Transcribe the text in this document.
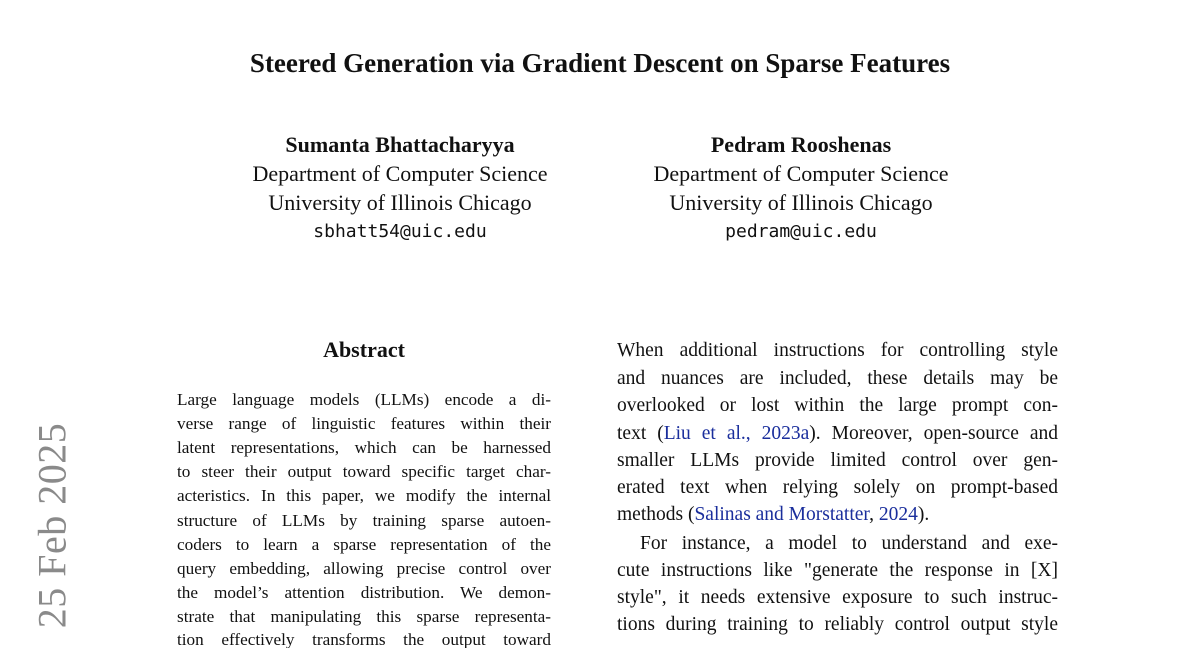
25 Feb 2025
Steered Generation via Gradient Descent on Sparse Features
Sumanta Bhattacharyya
Department of Computer Science
University of Illinois Chicago
sbhatt54@uic.edu
Pedram Rooshenas
Department of Computer Science
University of Illinois Chicago
pedram@uic.edu
Abstract
Large language models (LLMs) encode a di-
verse range of linguistic features within their
latent representations, which can be harnessed
to steer their output toward specific target char-
acteristics. In this paper, we modify the internal
structure of LLMs by training sparse autoen-
coders to learn a sparse representation of the
query embedding, allowing precise control over
the model’s attention distribution. We demon-
strate that manipulating this sparse representa-
tion effectively transforms the output toward
When additional instructions for controlling style
and nuances are included, these details may be
overlooked or lost within the large prompt con-
text (Liu et al., 2023a). Moreover, open-source and
smaller LLMs provide limited control over gen-
erated text when relying solely on prompt-based
methods (Salinas and Morstatter, 2024).
For instance, a model to understand and exe-
cute instructions like "generate the response in [X]
style", it needs extensive exposure to such instruc-
tions during training to reliably control output style
